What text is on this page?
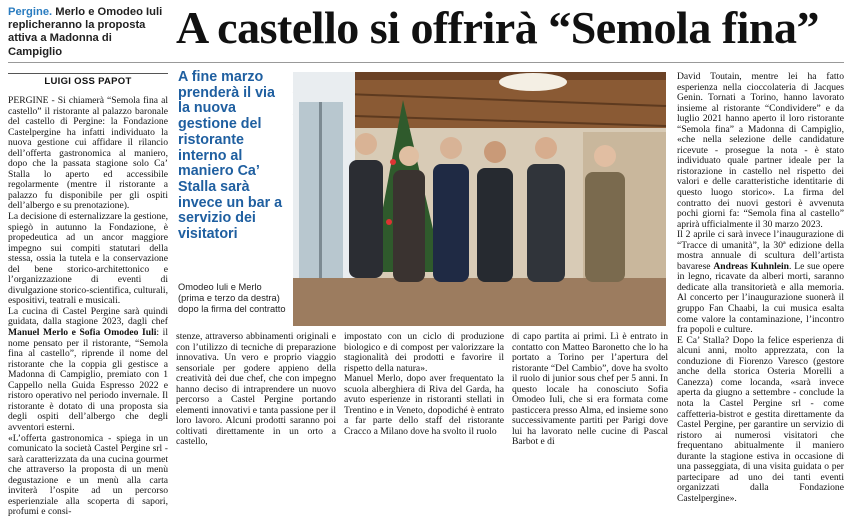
Pergine. Merlo e Omodeo Iuli replicheranno la proposta attiva a Madonna di Campiglio	A castello si offrirà “Semola fina”
LUIGI OSS PAPOT

PERGINE - Si chiamerà “Semola fina al castello” il ristorante al palazzo baronale del castello di Pergine: la Fondazione Castelpergine ha infatti individuato la nuova gestione cui affidare il rilancio dell’offerta gastronomica al maniero, dopo che la passata stagione solo Ca’ Stalla lo aperto ed accessibile regolarmente (mentre il ristorante a palazzo fu disponibile per gli ospiti dell’albergo e su prenotazione).

La decisione di esternalizzare la gestione, spiegò in autunno la Fondazione, è propedeutica ad un ancor maggiore impegno sui compiti statutari della stessa, ossia la tutela e la conservazione del bene storico-architettonico e l’organizzazione di eventi di divulgazione storico-scientifica, culturali, espositivi, teatrali e musicali.

La cucina di Castel Pergine sarà quindi guidata, dalla stagione 2023, dagli chef Manuel Merlo e Sofia Omodeo Iuli: il nome pensato per il ristorante, “Semola fina al castello”, riprende il nome del ristorante che la coppia gli gestisce a Madonna di Campiglio, premiato con 1 Cappello nella Guida Espresso 2022 e ristoro operativo nel periodo invernale. Il ristorante è dotato di una proposta sia degli ospiti dell’albergo che degli avventori esterni.

«L’offerta gastronomica - spiega in un comunicato la società Castel Pergine srl - sarà caratterizzata da una cucina gourmet che attraverso la proposta di un menù degustazione e un menù alla carta inviterà l’ospite ad un percorso esperienziale alla scoperta di sapori, profumi e consi-

A fine marzo prenderà il via la nuova gestione del ristorante interno al maniero Ca’ Stalla sarà invece un bar a servizio dei visitatori
Omodeo Iuli e Merlo (prima e terzo da destra) dopo la firma del contratto

stenze, attraverso abbinamenti originali e con l’utilizzo di tecniche di preparazione innovativa. Un vero e proprio viaggio sensoriale per godere appieno della creatività dei due chef, che con impegno hanno deciso di intraprendere un nuovo percorso a Castel Pergine portando elementi innovativi e tanta passione per il loro lavoro. Alcuni prodotti saranno poi coltivati direttamente in un orto a castello,

impostato con un ciclo di produzione biologico e di compost per valorizzare la stagionalità dei prodotti e favorire il rispetto della natura».
Manuel Merlo, dopo aver frequentato la scuola alberghiera di Riva del Garda, ha avuto esperienze in ristoranti stellati in Trentino e in Veneto, dopodiché è entrato a far parte dello staff del ristorante Cracco a Milano dove ha svolto il ruolo

di capo partita ai primi. Lì è entrato in contatto con Matteo Baronetto che lo ha portato a Torino per l’apertura del ristorante “Del Cambio”, dove ha svolto il ruolo di junior sous chef per 5 anni. In questo locale ha conosciuto Sofia Omodeo Iuli, che si era formata come pasticcera presso Alma, ed insieme sono successivamente partiti per Parigi dove lui ha lavorato nelle cucine di Pascal Barbot e di

David Toutain, mentre lei ha fatto esperienza nella cioccolateria di Jacques Genin. Tornati a Torino, hanno lavorato insieme al ristorante “Condividere” e da luglio 2021 hanno aperto il loro ristorante “Semola fina” a Madonna di Campiglio, «che nella selezione delle candidature ricevute - prosegue la nota - è stato individuato quale partner ideale per la ristorazione in castello nel rispetto dei valori e delle caratteristiche identitarie di questo luogo storico». La firma del contratto dei nuovi gestori è avvenuta pochi giorni fa: “Semola fina al castello” aprirà ufficialmente il 30 marzo 2023.

Il 2 aprile ci sarà invece l’inaugurazione di “Tracce di umanità”, la 30ª edizione della mostra annuale di scultura dell’artista bavarese Andreas Kuhnlein. Le sue opere in legno, ricavate da alberi morti, saranno dedicate alla transitorietà e alla memoria. Al concerto per l’inaugurazione suonerà il gruppo Fan Chaabi, la cui musica esalta come valore la contaminazione, l’incontro fra popoli e culture.

E Ca’ Stalla? Dopo la felice esperienza di alcuni anni, molto apprezzata, con la conduzione di Fiorenzo Varesco (gestore anche della storica Osteria Morelli a Canezza) come locanda, «sarà invece aperta da giugno a settembre - conclude la nota la Castel Pergine srl - come caffetteria-bistrot e gestita direttamente da Castel Pergine, per garantire un servizio di ristoro ai numerosi visitatori che frequentano abitualmente il maniero durante la stagione estiva in occasione di una passeggiata, di una visita guidata o per partecipare ad uno dei tanti eventi organizzati dalla Fondazione Castelpergine».
